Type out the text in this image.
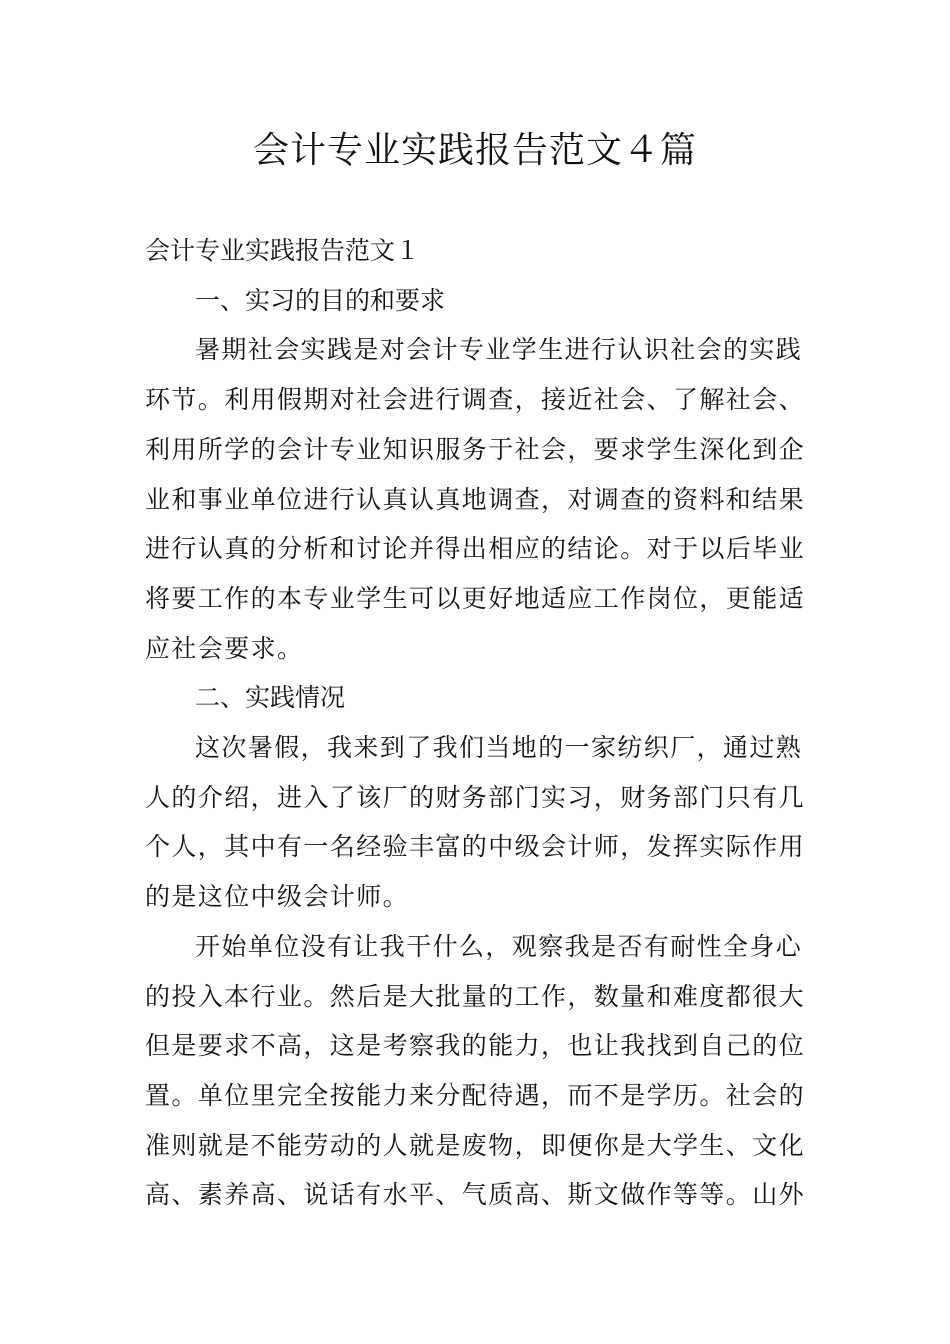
会计专业实践报告范文４篇

会计专业实践报告范文１

一、实习的目的和要求

暑期社会实践是对会计专业学生进行认识社会的实践

环节。利用假期对社会进行调查，接近社会、了解社会、

利用所学的会计专业知识服务于社会，要求学生深化到企

业和事业单位进行认真认真地调查，对调查的资料和结果

进行认真的分析和讨论并得出相应的结论。对于以后毕业

将要工作的本专业学生可以更好地适应工作岗位，更能适

应社会要求。

二、实践情况

这次暑假，我来到了我们当地的一家纺织厂，通过熟

人的介绍，进入了该厂的财务部门实习，财务部门只有几

个人，其中有一名经验丰富的中级会计师，发挥实际作用

的是这位中级会计师。

开始单位没有让我干什么，观察我是否有耐性全身心

的投入本行业。然后是大批量的工作，数量和难度都很大

但是要求不高，这是考察我的能力，也让我找到自己的位

置。单位里完全按能力来分配待遇，而不是学历。社会的

准则就是不能劳动的人就是废物，即便你是大学生、文化

高、素养高、说话有水平、气质高、斯文做作等等。山外
